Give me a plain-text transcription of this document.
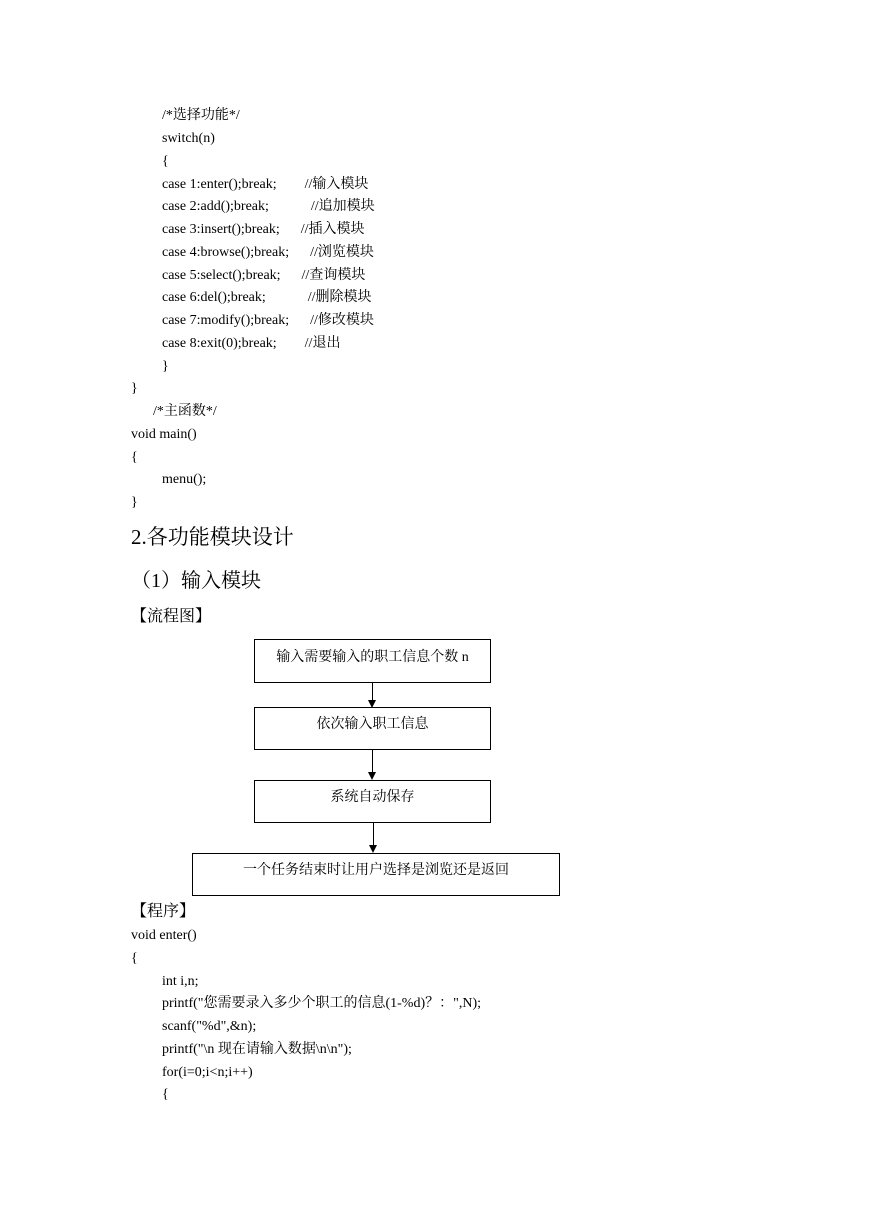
/*选择功能*/
switch(n)
{
case 1:enter();break;        //输入模块
case 2:add();break;            //追加模块
case 3:insert();break;      //插入模块
case 4:browse();break;      //浏览模块
case 5:select();break;      //查询模块
case 6:del();break;            //删除模块
case 7:modify();break;      //修改模块
case 8:exit(0);break;        //退出
}
}
/*主函数*/
void main()
{
menu();
}
2.各功能模块设计
（1）输入模块
【流程图】
输入需要输入的职工信息个数 n
依次输入职工信息
系统自动保存
一个任务结束时让用户选择是浏览还是返回
【程序】
void enter()
{
int i,n;
printf("您需要录入多少个职工的信息(1-%d)？：",N);
scanf("%d",&n);
printf("\n 现在请输入数据\n\n");
for(i=0;i<n;i++)
{
